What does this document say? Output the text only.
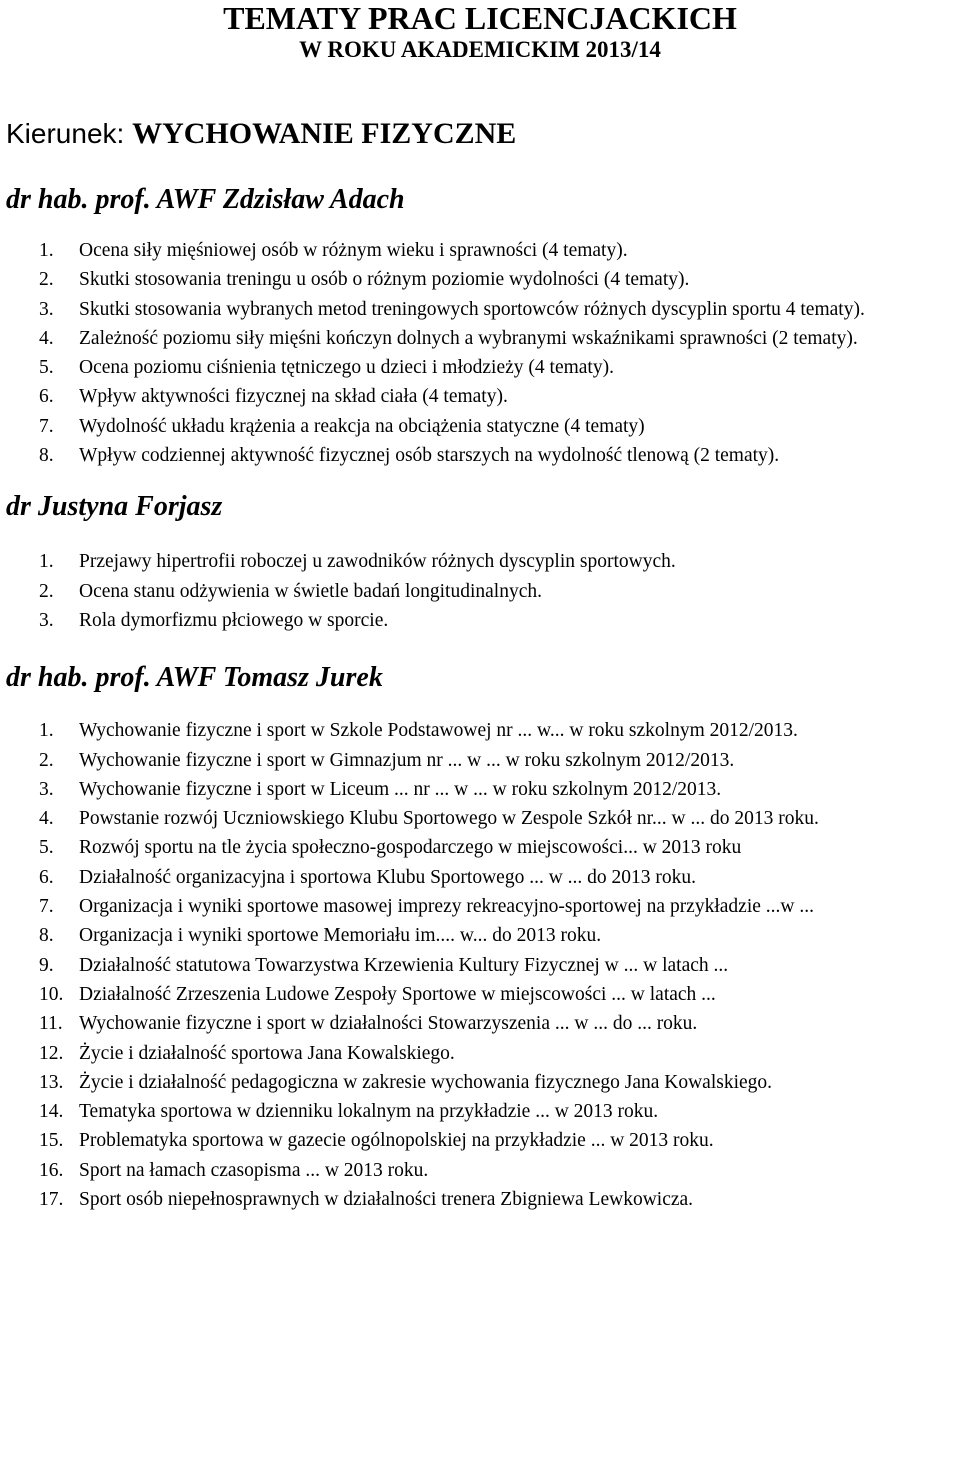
TEMATY PRAC LICENCJACKICH
W ROKU AKADEMICKIM 2013/14

Kierunek: WYCHOWANIE FIZYCZNE

dr hab. prof. AWF Zdzisław Adach

1.	Ocena siły mięśniowej osób w różnym wieku i sprawności (4 tematy).
2.	Skutki stosowania treningu u osób o różnym poziomie wydolności (4 tematy).
3.	Skutki stosowania wybranych metod treningowych sportowców różnych dyscyplin sportu 4 tematy).
4.	Zależność poziomu siły mięśni kończyn dolnych a wybranymi wskaźnikami sprawności (2 tematy).
5.	Ocena poziomu ciśnienia tętniczego u dzieci i młodzieży (4 tematy).
6.	Wpływ aktywności fizycznej na skład ciała (4 tematy).
7.	Wydolność układu krążenia a reakcja na obciążenia statyczne (4 tematy)
8.	Wpływ codziennej aktywność fizycznej osób starszych na wydolność tlenową (2 tematy).

dr Justyna Forjasz

1.	Przejawy hipertrofii roboczej u zawodników różnych dyscyplin sportowych.
2.	Ocena stanu odżywienia w świetle badań longitudinalnych.
3.	Rola dymorfizmu płciowego w sporcie.

dr hab. prof. AWF Tomasz Jurek

1.	Wychowanie fizyczne i sport w Szkole Podstawowej nr ... w... w roku szkolnym 2012/2013.
2.	Wychowanie fizyczne i sport w Gimnazjum nr ... w ... w roku szkolnym 2012/2013.
3.	Wychowanie fizyczne i sport w Liceum ... nr ... w ... w roku szkolnym 2012/2013.
4.	Powstanie rozwój Uczniowskiego Klubu Sportowego w Zespole Szkół nr... w ... do 2013 roku.
5.	Rozwój sportu na tle życia społeczno-gospodarczego w miejscowości... w 2013 roku
6.	Działalność organizacyjna i sportowa Klubu Sportowego ... w ... do 2013 roku.
7.	Organizacja i wyniki sportowe masowej imprezy rekreacyjno-sportowej na przykładzie ...w ...
8.	Organizacja i wyniki sportowe Memoriału im.... w... do 2013 roku.
9.	Działalność statutowa Towarzystwa Krzewienia Kultury Fizycznej w ... w latach ...
10. Działalność Zrzeszenia Ludowe Zespoły Sportowe w miejscowości ... w latach ...
11. Wychowanie fizyczne i sport w działalności Stowarzyszenia ... w ... do ... roku.
12. Życie i działalność sportowa Jana Kowalskiego.
13. Życie i działalność pedagogiczna w zakresie wychowania fizycznego Jana Kowalskiego.
14. Tematyka sportowa w dzienniku lokalnym na przykładzie ... w 2013 roku.
15. Problematyka sportowa w gazecie ogólnopolskiej na przykładzie ... w 2013 roku.
16. Sport na łamach czasopisma ... w 2013 roku.
17. Sport osób niepełnosprawnych w działalności trenera Zbigniewa Lewkowicza.
